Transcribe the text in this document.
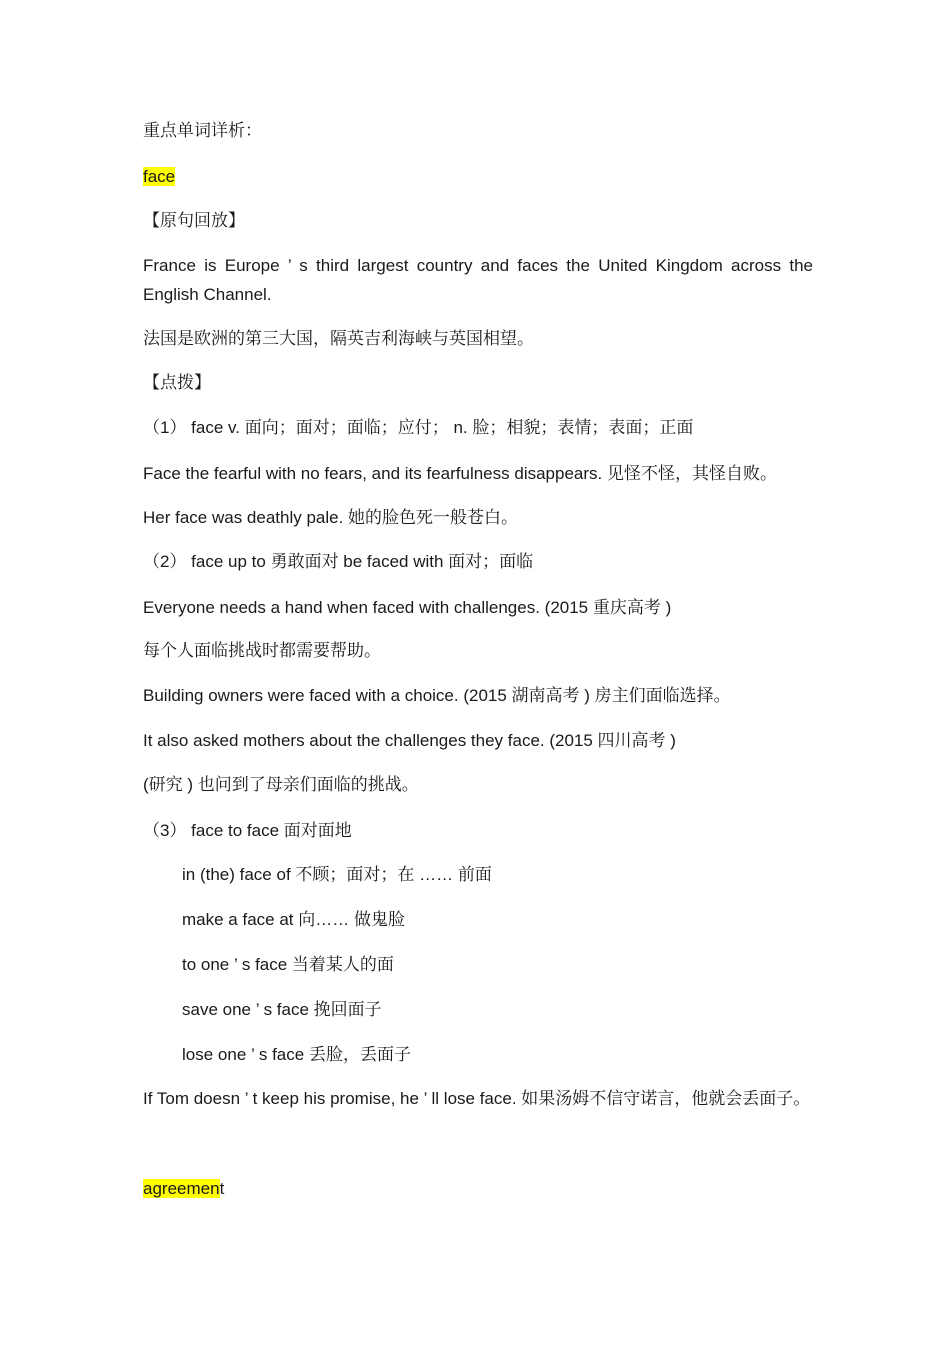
重点单词详析：
face
【原句回放】
France is Europe ’ s third largest country and faces the United Kingdom across the English Channel.
法国是欧洲的第三大国，隔英吉利海峡与英国相望。
【点拨】
（1） face v. 面向；面对；面临；应付； n. 脸；相貌；表情；表面；正面
Face the fearful with no fears, and its fearfulness disappears. 见怪不怪，其怪自败。
Her face was deathly pale. 她的脸色死一般苍白。
（2） face up to 勇敢面对 be faced with 面对；面临
Everyone needs a hand when faced with challenges. (2015 重庆高考 )
每个人面临挑战时都需要帮助。
Building owners were faced with a choice. (2015 湖南高考 ) 房主们面临选择。
It also asked mothers about the challenges they face. (2015 四川高考 )
(研究 ) 也问到了母亲们面临的挑战。
（3） face to face 面对面地
in (the) face of 不顾；面对；在 …… 前面
make a face at 向…… 做鬼脸
to one ’ s face 当着某人的面
save one ’ s face 挽回面子
lose one ’ s face 丢脸，丢面子
If Tom doesn ’ t keep his promise, he ’ ll lose face. 如果汤姆不信守诺言，他就会丢面子。
agreement
